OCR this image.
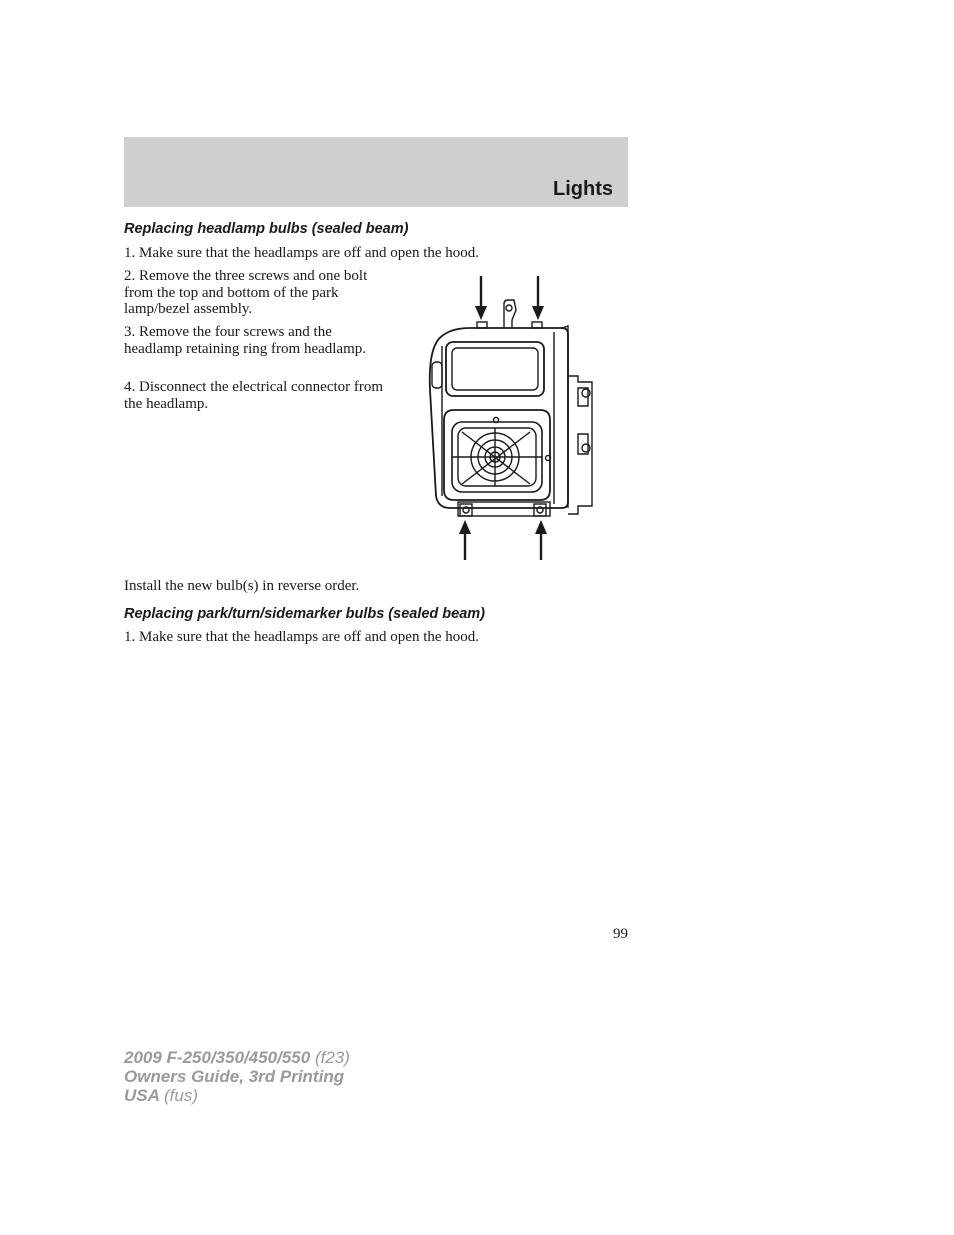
Lights
Replacing headlamp bulbs (sealed beam)
1. Make sure that the headlamps are off and open the hood.
2. Remove the three screws and one bolt from the top and bottom of the park lamp/bezel assembly.
3. Remove the four screws and the headlamp retaining ring from headlamp.
4. Disconnect the electrical connector from the headlamp.
Install the new bulb(s) in reverse order.
Replacing park/turn/sidemarker bulbs (sealed beam)
1. Make sure that the headlamps are off and open the hood.
99
2009 F-250/350/450/550 (f23)
Owners Guide, 3rd Printing
USA (fus)
